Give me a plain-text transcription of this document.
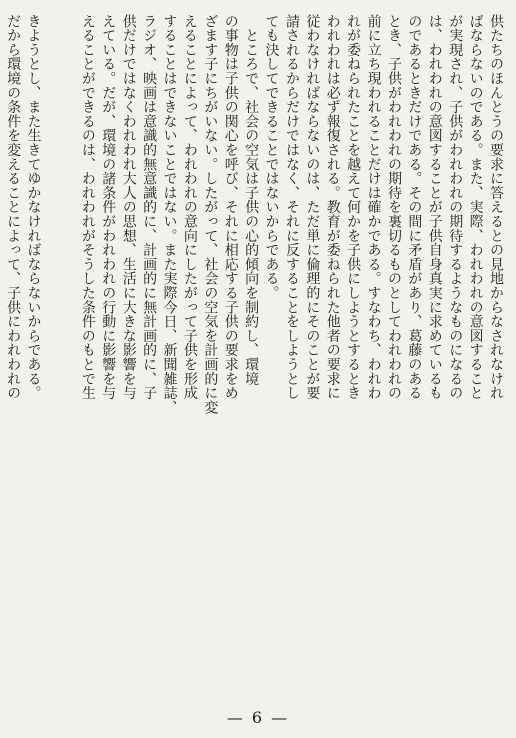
供たちのほんとうの要求に答えるとの見地からなされなけれ
ばならないのである。また、実際、われわれの意図すること
が実現され、子供がわれわれの期待するようなものになるの
は、われわれの意図することが子供自身真実に求めているも
のであるときだけである。その間に矛盾があり、葛藤のある
とき、子供がわれわれの期待を裏切るものとしてわれわれの
前に立ち現われることだけは確かである。すなわち、われわ
れが委ねられたことを越えて何かを子供にしようとするとき
われわれは必ず報復される。教育が委ねられた他者の要求に
従わなければならないのは、ただ単に倫理的にそのことが要
請されるからだけではなく、それに反することをしようとし
ても決してできることではないからである。
　ところで、社会の空気は子供の心的傾向を制約し、環境
の事物は子供の関心を呼び、それに相応する子供の要求をめ
ざます子にちがいない。したがって、社会の空気を計画的に変
えることによって、われわれの意向にしたがって子供を形成
することはできないことではない。また実際今日、新聞雑誌、
ラジオ、映画は意識的無意識的に、計画的に無計画的に、子
供だけではなくわれわれ大人の思想、生活に大きな影響を与
えている。だが、環境の諸条件がわれわれの行動に影響を与
えることができるのは、われわれがそうした条件のもとで生
きようとし、また生きてゆかなければならないからである。
だから環境の条件を変えることによって、子供にわれわれの
— 6 —
